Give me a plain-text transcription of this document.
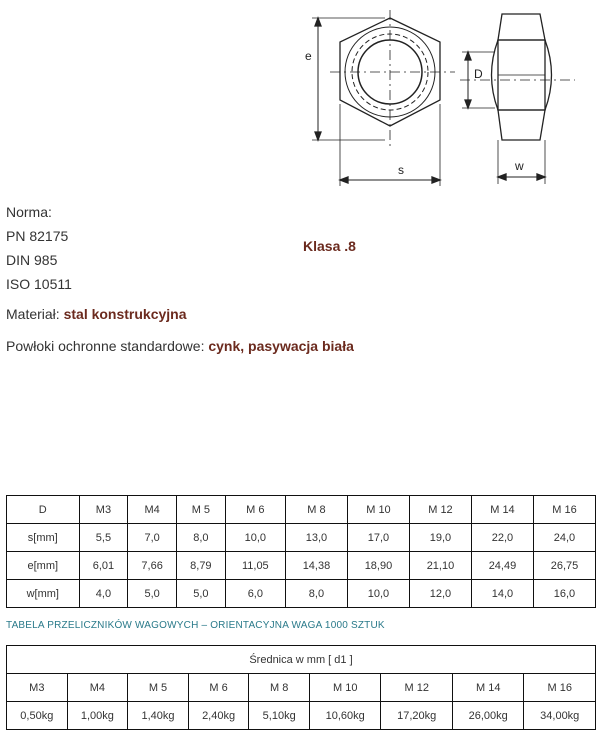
e
s
D
w
Norma:
PN 82175
DIN 985
ISO 10511
Klasa .8
Materiał: stal konstrukcyjna
Powłoki ochronne standardowe: cynk, pasywacja biała
D	M3	M4	M 5	M 6	M 8	M 10	M 12	M 14	M 16
s[mm]	5,5	7,0	8,0	10,0	13,0	17,0	19,0	22,0	24,0
e[mm]	6,01	7,66	8,79	11,05	14,38	18,90	21,10	24,49	26,75
w[mm]	4,0	5,0	5,0	6,0	8,0	10,0	12,0	14,0	16,0
TABELA PRZELICZNIKÓW WAGOWYCH – ORIENTACYJNA WAGA 1000 SZTUK
Średnica w mm [ d1 ]								
M3	M4	M 5	M 6	M 8	M 10	M 12	M 14	M 16
0,50kg	1,00kg	1,40kg	2,40kg	5,10kg	10,60kg	17,20kg	26,00kg	34,00kg
